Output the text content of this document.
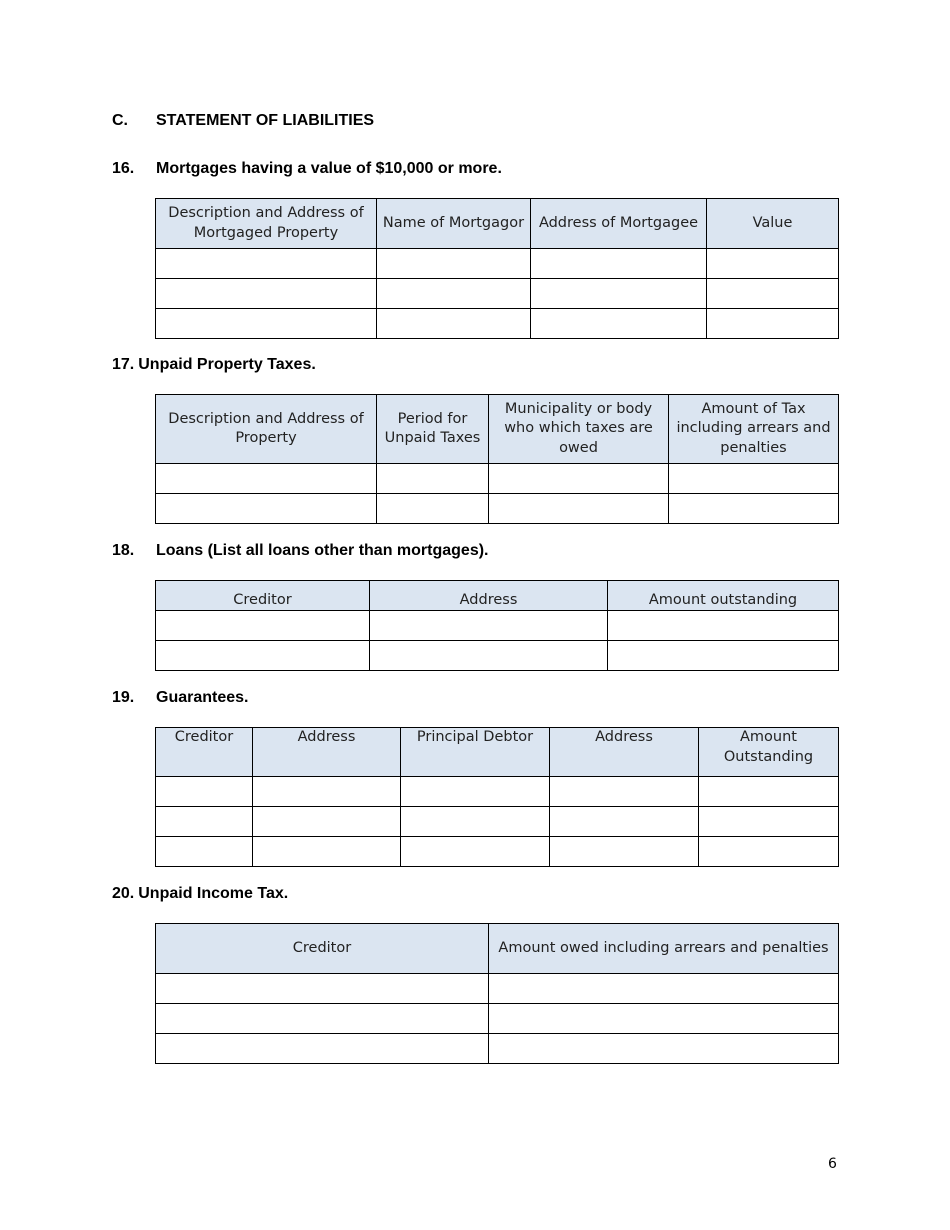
C. STATEMENT OF LIABILITIES
16. Mortgages having a value of $10,000 or more.
Description and Address of Mortgaged Property	Name of Mortgagor	Address of Mortgagee	Value

17. Unpaid Property Taxes.
Description and Address of Property	Period for Unpaid Taxes	Municipality or body who which taxes are owed	Amount of Tax including arrears and penalties

18. Loans (List all loans other than mortgages).
Creditor	Address	Amount outstanding

19. Guarantees.
Creditor	Address	Principal Debtor	Address	Amount Outstanding

20. Unpaid Income Tax.
Creditor	Amount owed including arrears and penalties

6
